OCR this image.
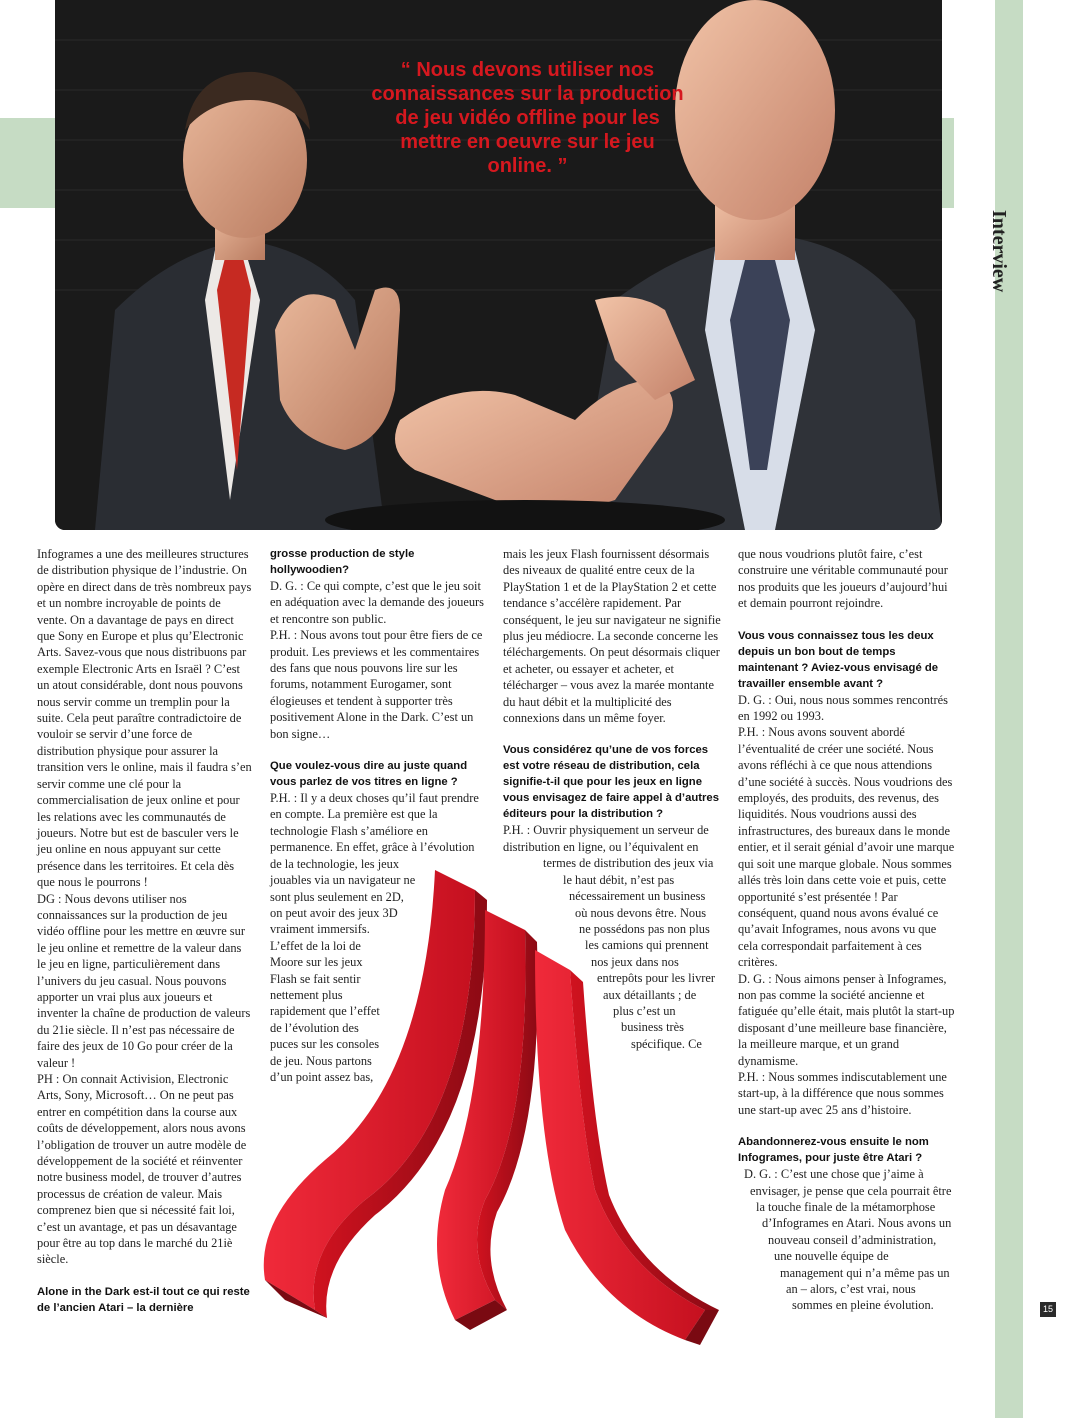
Interview
“ Nous devons utiliser nos connaissances sur la production de jeu vidéo offline pour les mettre en oeuvre sur le jeu online. ”

Infogrames a une des meilleures structures de distribution physique de l’industrie. On opère en direct dans de très nombreux pays et un nombre incroyable de points de vente. On a davantage de pays en direct que Sony en Europe et plus qu’Electronic Arts. Savez-vous que nous distribuons par exemple Electronic Arts en Israël ? C’est un atout considérable, dont nous pouvons nous servir comme un tremplin pour la suite. Cela peut paraître contradictoire de vouloir se servir d’une force de distribution physique pour assurer la transition vers le online, mais il faudra s’en servir comme une clé pour la commercialisation de jeux online et pour les relations avec les communautés de joueurs. Notre but est de basculer vers le jeu online en nous appuyant sur cette présence dans les territoires. Et cela dès que nous le pourrons !

DG : Nous devons utiliser nos connaissances sur la production de jeu vidéo offline pour les mettre en œuvre sur le jeu online et remettre de la valeur dans le jeu en ligne, particulièrement dans l’univers du jeu casual. Nous pouvons apporter un vrai plus aux joueurs et inventer la chaîne de production de valeurs du 21ie siècle. Il n’est pas nécessaire de faire des jeux de 10 Go pour créer de la valeur !

PH : On connait Activision, Electronic Arts, Sony, Microsoft… On ne peut pas entrer en compétition dans la course aux coûts de développement, alors nous avons l’obligation de trouver un autre modèle de développement de la société et réinventer notre business model, de trouver d’autres processus de création de valeur. Mais comprenez bien que si nécessité fait loi, c’est un avantage, et pas un désavantage pour être au top dans le marché du 21iè siècle.

Alone in the Dark est-il tout ce qui reste de l’ancien Atari – la dernière

grosse production de style hollywoodien?

D. G. : Ce qui compte, c’est que le jeu soit en adéquation avec la demande des joueurs et rencontre son public.

P.H. : Nous avons tout pour être fiers de ce produit. Les previews et les commentaires des fans que nous pouvons lire sur les forums, notamment Eurogamer, sont élogieuses et tendent à supporter très positivement Alone in the Dark. C’est un bon signe…

Que voulez-vous dire au juste quand vous parlez de vos titres en ligne ?

P.H. : Il y a deux choses qu’il faut prendre en compte. La première est que la technologie Flash s’améliore en permanence. En effet, grâce à l’évolution de la technologie, les jeux

jouables via un navigateur ne
sont plus seulement en 2D,
on peut avoir des jeux 3D
vraiment immersifs.
L’effet de la loi de
Moore sur les jeux
Flash se fait sentir
nettement plus
rapidement que l’effet
de l’évolution des
puces sur les consoles
de jeu. Nous partons
d’un point assez bas,

mais les jeux Flash fournissent désormais des niveaux de qualité entre ceux de la PlayStation 1 et de la PlayStation 2 et cette tendance s’accélère rapidement. Par conséquent, le jeu sur navigateur ne signifie plus jeu médiocre. La seconde concerne les téléchargements. On peut désormais cliquer et acheter, ou essayer et acheter, et télécharger – vous avez la marée montante du haut débit et la multiplicité des connexions dans un même foyer.

Vous considérez qu’une de vos forces est votre réseau de distribution, cela signifie-t-il que pour les jeux en ligne vous envisagez de faire appel à d’autres éditeurs pour la distribution ?

P.H. : Ouvrir physiquement un serveur de
distribution en ligne, ou l’équivalent en
termes de distribution des jeux via
le haut débit, n’est pas
nécessairement un business
où nous devons être. Nous
ne possédons pas non plus
les camions qui prennent
nos jeux dans nos
entrepôts pour les livrer
aux détaillants ; de
plus c’est un
business très
spécifique. Ce

que nous voudrions plutôt faire, c’est construire une véritable communauté pour nos produits que les joueurs d’aujourd’hui et demain pourront rejoindre.

Vous vous connaissez tous les deux depuis un bon bout de temps maintenant ? Aviez-vous envisagé de travailler ensemble avant ?

D. G. : Oui, nous nous sommes rencontrés en 1992 ou 1993.

P.H. : Nous avons souvent abordé l’éventualité de créer une société. Nous avons réfléchi à ce que nous attendions d’une société à succès. Nous voudrions des employés, des produits, des revenus, des liquidités. Nous voudrions aussi des infrastructures, des bureaux dans le monde entier, et il serait génial d’avoir une marque qui soit une marque globale. Nous sommes allés très loin dans cette voie et puis, cette opportunité s’est présentée ! Par conséquent, quand nous avons évalué ce qu’avait Infogrames, nous avons vu que cela correspondait parfaitement à ces critères.

D. G. : Nous aimons penser à Infogrames, non pas comme la société ancienne et fatiguée qu’elle était, mais plutôt la start-up disposant d’une meilleure base financière, la meilleure marque, et un grand dynamisme.

P.H. : Nous sommes indiscutablement une start-up, à la différence que nous sommes une start-up avec 25 ans d’histoire.

Abandonnerez-vous ensuite le nom Infogrames, pour juste être Atari ?

D. G. : C’est une chose que j’aime à
envisager, je pense que cela pourrait être
la touche finale de la métamorphose
d’Infogrames en Atari. Nous avons un
nouveau conseil d’administration,
une nouvelle équipe de
management qui n’a même pas un
an – alors, c’est vrai, nous
sommes en pleine évolution.	15
